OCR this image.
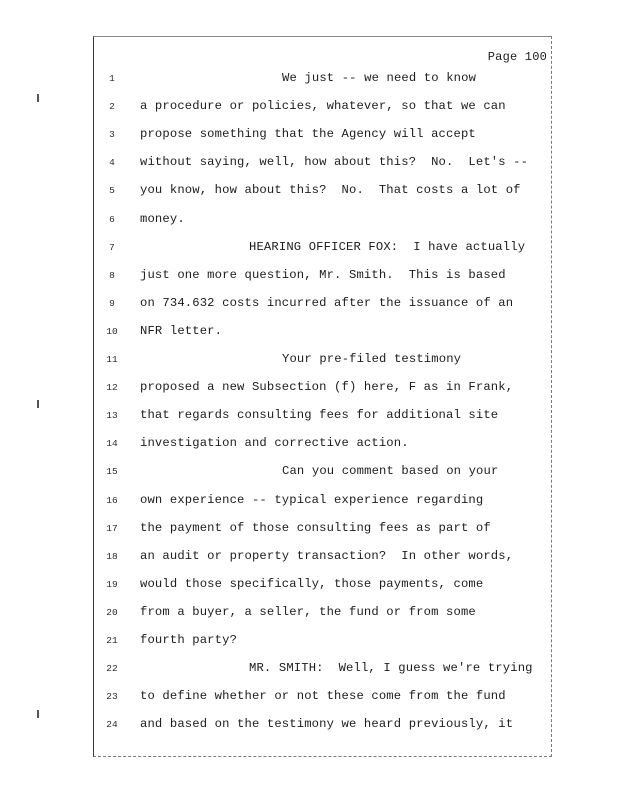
Page 100
1	We just -- we need to know
2	a procedure or policies, whatever, so that we can
3	propose something that the Agency will accept
4	without saying, well, how about this?  No.  Let's --
5	you know, how about this?  No.  That costs a lot of
6	money.
7	HEARING OFFICER FOX:  I have actually
8	just one more question, Mr. Smith.  This is based
9	on 734.632 costs incurred after the issuance of an
10	NFR letter.
11	Your pre-filed testimony
12	proposed a new Subsection (f) here, F as in Frank,
13	that regards consulting fees for additional site
14	investigation and corrective action.
15	Can you comment based on your
16	own experience -- typical experience regarding
17	the payment of those consulting fees as part of
18	an audit or property transaction?  In other words,
19	would those specifically, those payments, come
20	from a buyer, a seller, the fund or from some
21	fourth party?
22	MR. SMITH:  Well, I guess we're trying
23	to define whether or not these come from the fund
24	and based on the testimony we heard previously, it
